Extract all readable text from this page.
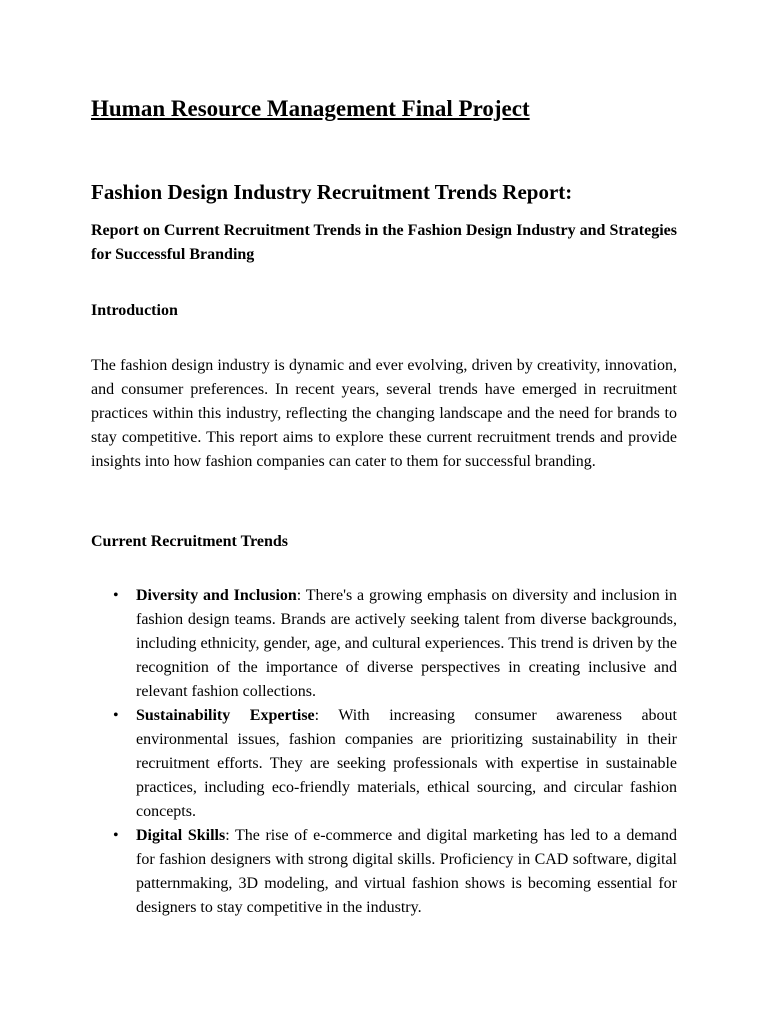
Human Resource Management Final Project
Fashion Design Industry Recruitment Trends Report:

Report on Current Recruitment Trends in the Fashion Design Industry and Strategies for Successful Branding

Introduction

The fashion design industry is dynamic and ever evolving, driven by creativity, innovation, and consumer preferences. In recent years, several trends have emerged in recruitment practices within this industry, reflecting the changing landscape and the need for brands to stay competitive. This report aims to explore these current recruitment trends and provide insights into how fashion companies can cater to them for successful branding.

Current Recruitment Trends
• Diversity and Inclusion: There's a growing emphasis on diversity and inclusion in fashion design teams. Brands are actively seeking talent from diverse backgrounds, including ethnicity, gender, age, and cultural experiences. This trend is driven by the recognition of the importance of diverse perspectives in creating inclusive and relevant fashion collections.
• Sustainability Expertise: With increasing consumer awareness about environmental issues, fashion companies are prioritizing sustainability in their recruitment efforts. They are seeking professionals with expertise in sustainable practices, including eco-friendly materials, ethical sourcing, and circular fashion concepts.
• Digital Skills: The rise of e-commerce and digital marketing has led to a demand for fashion designers with strong digital skills. Proficiency in CAD software, digital patternmaking, 3D modeling, and virtual fashion shows is becoming essential for designers to stay competitive in the industry.
